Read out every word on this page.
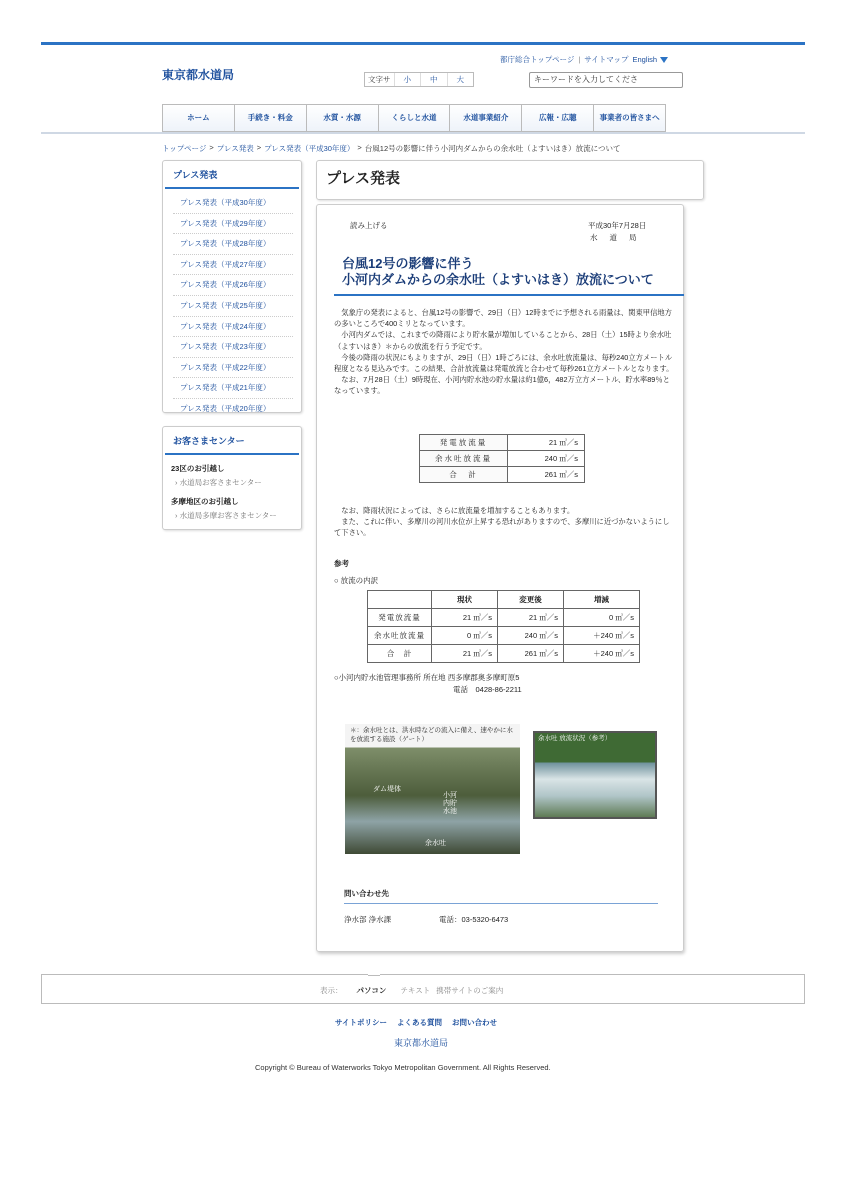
東京都水道局
都庁総合トップページ | サイトマップ English
文字サ	小	中	大	キーワードを入力してくださ
ホーム	手続き・料金	水質・水源	くらしと水道	水道事業紹介	広報・広聴	事業者の皆さまへ
トップページ > プレス発表 > プレス発表（平成30年度） > 台風12号の影響に伴う小河内ダムからの余水吐（よすいはき）放流について
プレス発表
プレス発表（平成30年度）
プレス発表（平成29年度）
プレス発表（平成28年度）
プレス発表（平成27年度）
プレス発表（平成26年度）
プレス発表（平成25年度）
プレス発表（平成24年度）
プレス発表（平成23年度）
プレス発表（平成22年度）
プレス発表（平成21年度）
プレス発表（平成20年度）
お客さまセンター
23区のお引越し
› 水道局お客さまセンター
多摩地区のお引越し
› 水道局多摩お客さまセンター
プレス発表
読み上げる	平成30年7月28日
水道局
台風12号の影響に伴う
小河内ダムからの余水吐（よすいはき）放流について

　気象庁の発表によると、台風12号の影響で、29日（日）12時までに予想される雨量は、関東甲信地方の多いところで400ミリとなっています。

　小河内ダムでは、これまでの降雨により貯水量が増加していることから、28日（土）15時より余水吐（よすいはき）＊からの放流を行う予定です。

　今後の降雨の状況にもよりますが、29日（日）1時ごろには、余水吐放流量は、毎秒240立方メートル程度となる見込みです。この結果、合計放流量は発電放流と合わせて毎秒261立方メートルとなります。

　なお、7月28日（土）9時現在、小河内貯水池の貯水量は約1億6，482万立方メートル、貯水率89％となっています。

発電放流量	21 ㎥／s
余水吐放流量	240 ㎥／s
合　計	261 ㎥／s

　なお、降雨状況によっては、さらに放流量を増加することもあります。

　また、これに伴い、多摩川の河川水位が上昇する恐れがありますので、多摩川に近づかないようにして下さい。

参考
○ 放流の内訳
	現状	変更後	増減
発電放流量	21 ㎥／s	21 ㎥／s	0 ㎥／s
余水吐放流量	0 ㎥／s	240 ㎥／s	＋240 ㎥／s
合　計	21 ㎥／s	261 ㎥／s	＋240 ㎥／s
○小河内貯水池管理事務所 所在地 西多摩郡奥多摩町原5
電話　0428-86-2211
ダム堤体
小河内貯水池
余水吐
＊：余水吐とは、洪水時などの流入に備え、速やかに水を放流する施設（ゲート）	余水吐 放流状況（参考）
問い合わせ先
浄水部 浄水課	電話：03-5320-6473
表示： パソコン テキスト 携帯サイトのご案内
サイトポリシー よくある質問 お問い合わせ
東京都水道局
Copyright © Bureau of Waterworks Tokyo Metropolitan Government. All Rights Reserved.
